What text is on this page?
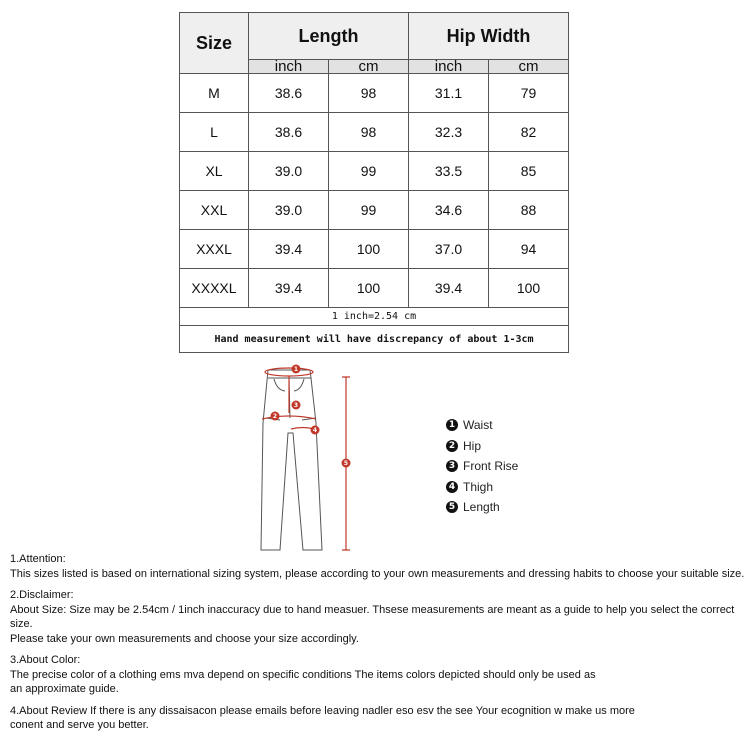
Size	Length		Hip Width	
	inch	cm	inch	cm
M	38.6	98	31.1	79
L	38.6	98	32.3	82
XL	39.0	99	33.5	85
XXL	39.0	99	34.6	88
XXXL	39.4	100	37.0	94
XXXXL	39.4	100	39.4	100
1 inch=2.54 cm				
Hand measurement will have discrepancy of about 1-3cm				
1
2
3
4
5
1 Waist
2 Hip
3 Front Rise
4 Thigh
5 Length

1.Attention:

This sizes listed is based on international sizing system, please according to your own measurements and dressing habits to choose your suitable size.

2.Disclaimer:

About Size: Size may be 2.54cm / 1inch inaccuracy due to hand measuer. Thsese measurements are meant as a guide to help you select the correct size.

Please take your own measurements and choose your size accordingly.

3.About Color:

The precise color of a clothing ems mva depend on specific conditions The items colors depicted should only be used as

an approximate guide.

4.About Review If there is any dissaisacon please emails before leaving nadler eso esv the see Your ecognition w make us more

conent and serve you better.
